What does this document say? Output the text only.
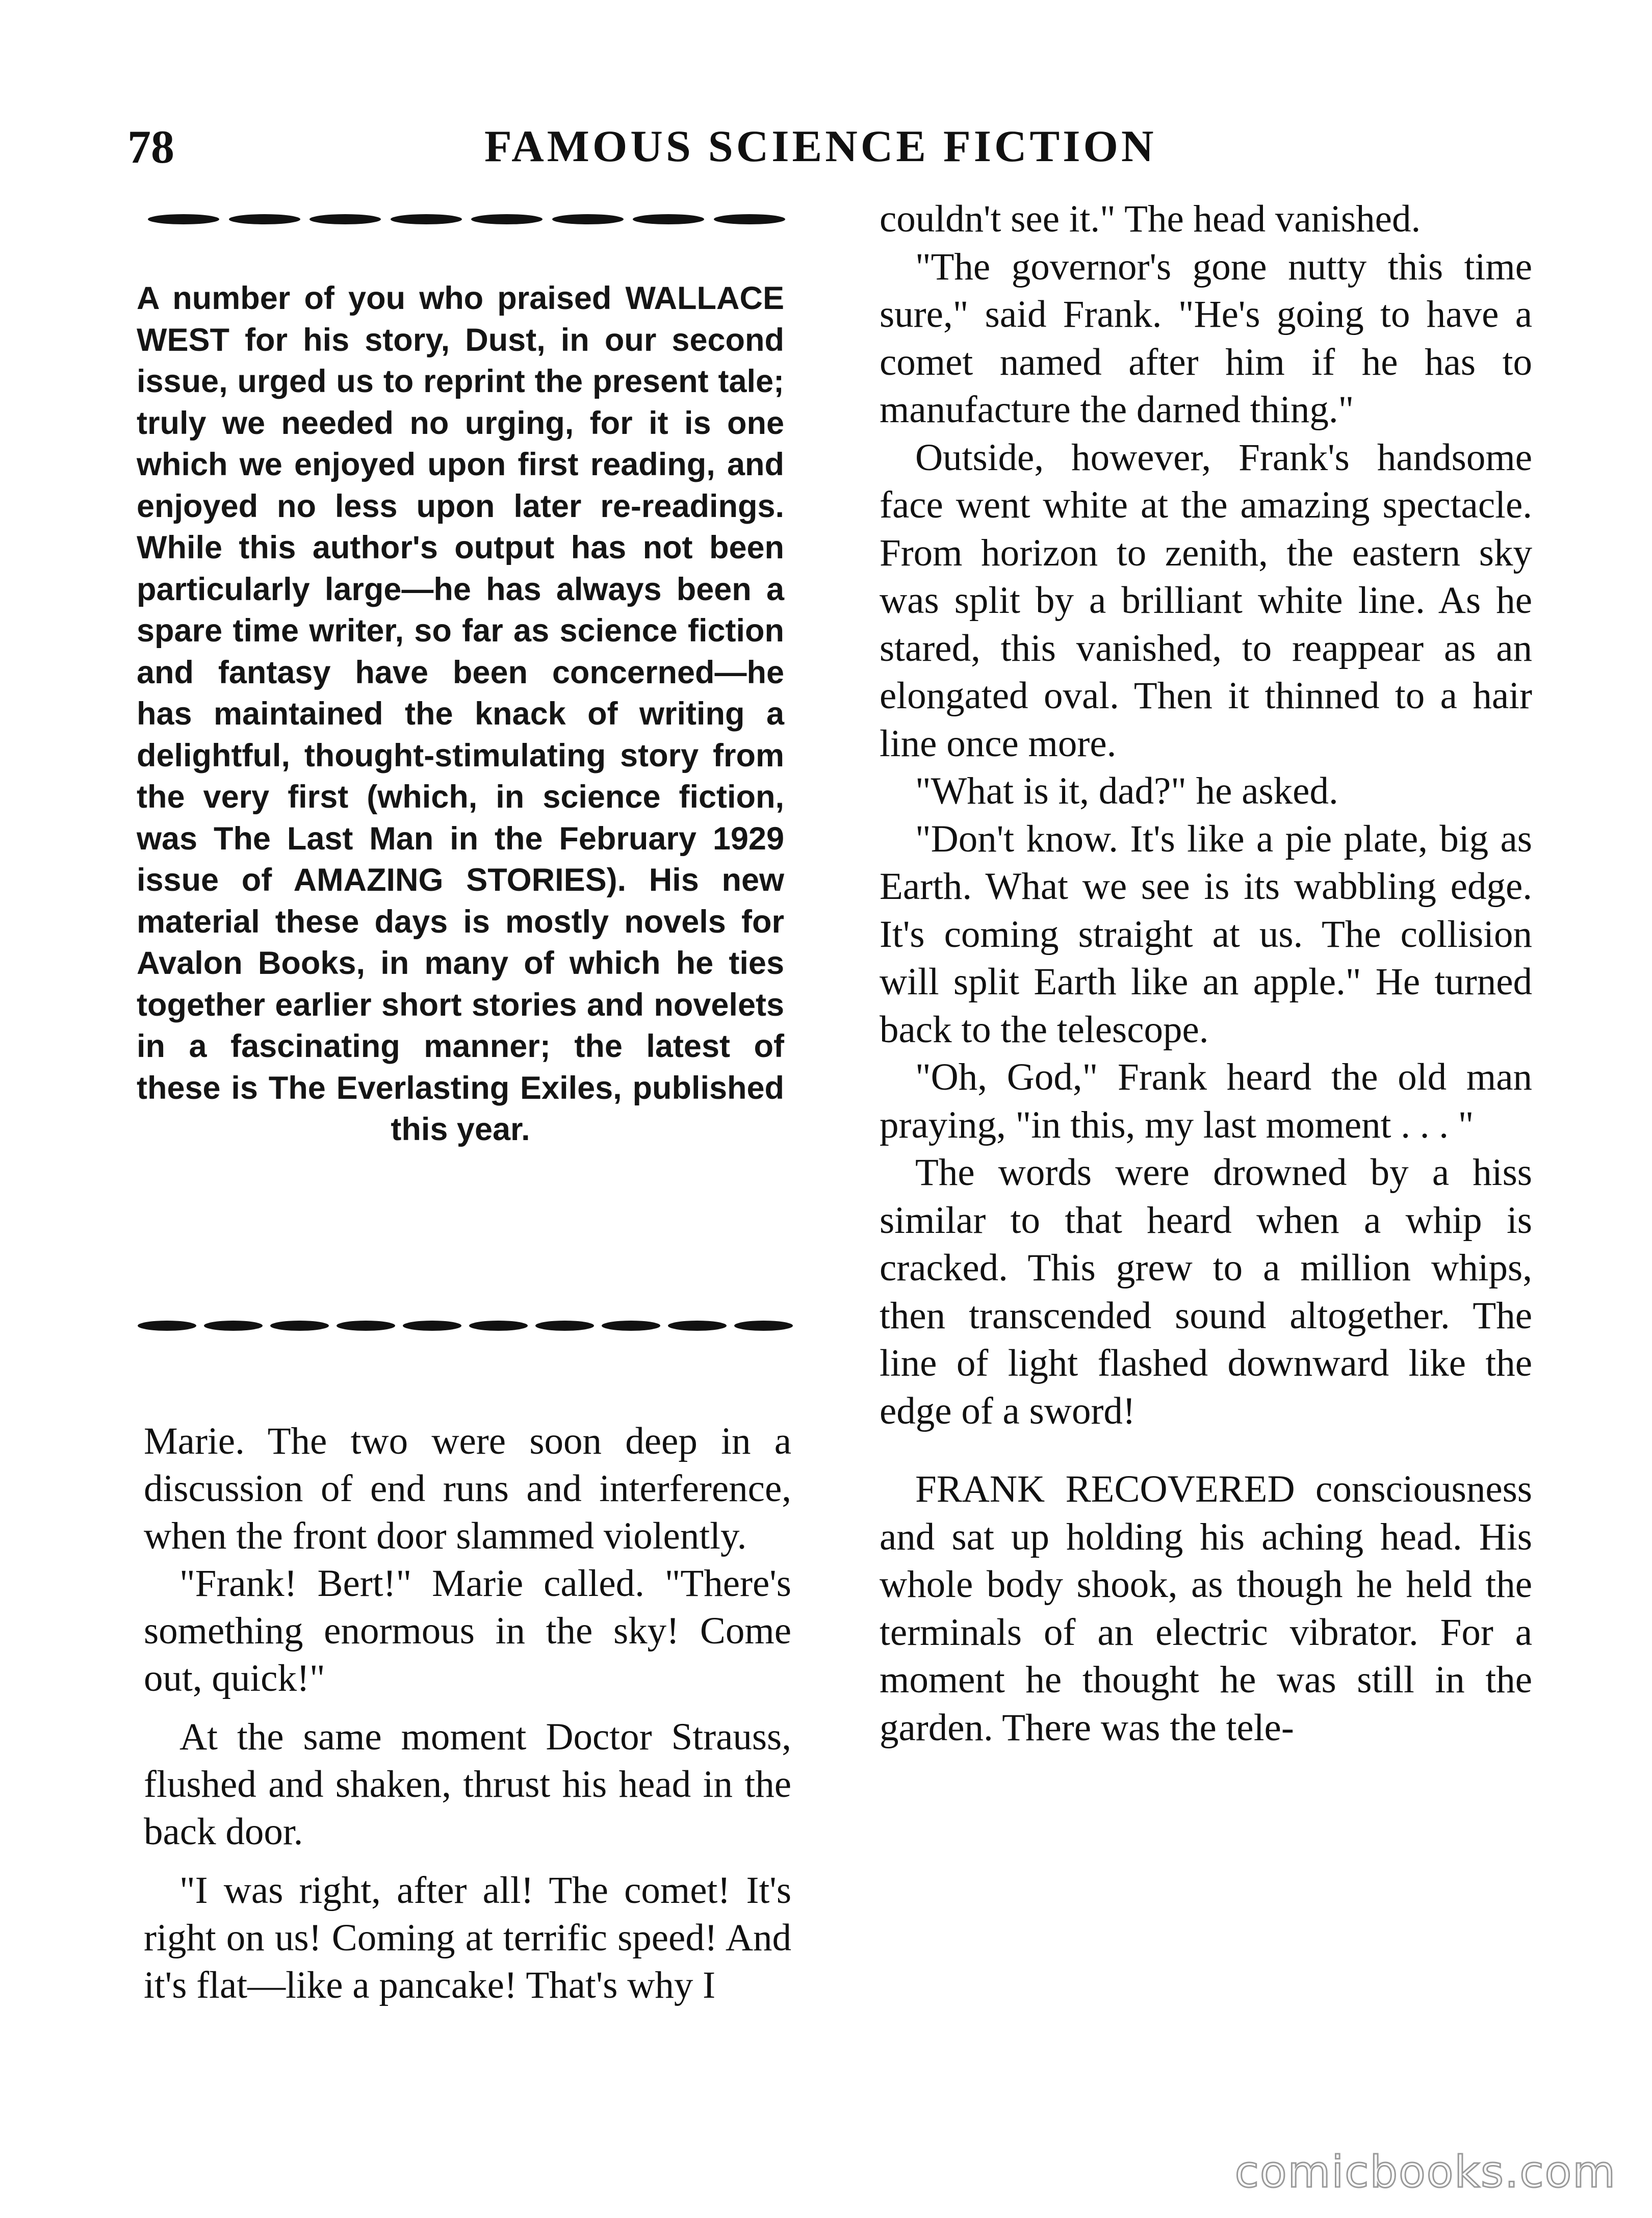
78	FAMOUS SCIENCE FICTION

A number of you who praised WALLACE WEST for his story, Dust, in our second issue, urged us to reprint the present tale; truly we needed no urging, for it is one which we enjoyed upon first reading, and enjoyed no less upon later re-readings. While this author's output has not been particularly large—he has always been a spare time writer, so far as science fiction and fantasy have been concerned—he has maintained the knack of writing a delightful, thought-stimulating story from the very first (which, in science fiction, was The Last Man in the February 1929 issue of AMAZING STORIES). His new material these days is mostly novels for Avalon Books, in many of which he ties together earlier short stories and novelets in a fascinating manner; the latest of these is The Everlasting Exiles, published this year.

Marie. The two were soon deep in a discussion of end runs and interference, when the front door slammed violently.

"Frank! Bert!" Marie called. "There's something enormous in the sky! Come out, quick!"

At the same moment Doctor Strauss, flushed and shaken, thrust his head in the back door.

"I was right, after all! The comet! It's right on us! Coming at terrific speed! And it's flat—like a pancake! That's why I

couldn't see it." The head vanished.

"The governor's gone nutty this time sure," said Frank. "He's going to have a comet named after him if he has to manufacture the darned thing."

Outside, however, Frank's handsome face went white at the amazing spectacle. From horizon to zenith, the eastern sky was split by a brilliant white line. As he stared, this vanished, to reappear as an elongated oval. Then it thinned to a hair line once more.

"What is it, dad?" he asked.

"Don't know. It's like a pie plate, big as Earth. What we see is its wabbling edge. It's coming straight at us. The collision will split Earth like an apple." He turned back to the telescope.

"Oh, God," Frank heard the old man praying, "in this, my last moment . . . "

The words were drowned by a hiss similar to that heard when a whip is cracked. This grew to a million whips, then transcended sound altogether. The line of light flashed downward like the edge of a sword!

FRANK RECOVERED consciousness and sat up holding his aching head. His whole body shook, as though he held the terminals of an electric vibrator. For a moment he thought he was still in the garden. There was the tele-

comicbooks.com
